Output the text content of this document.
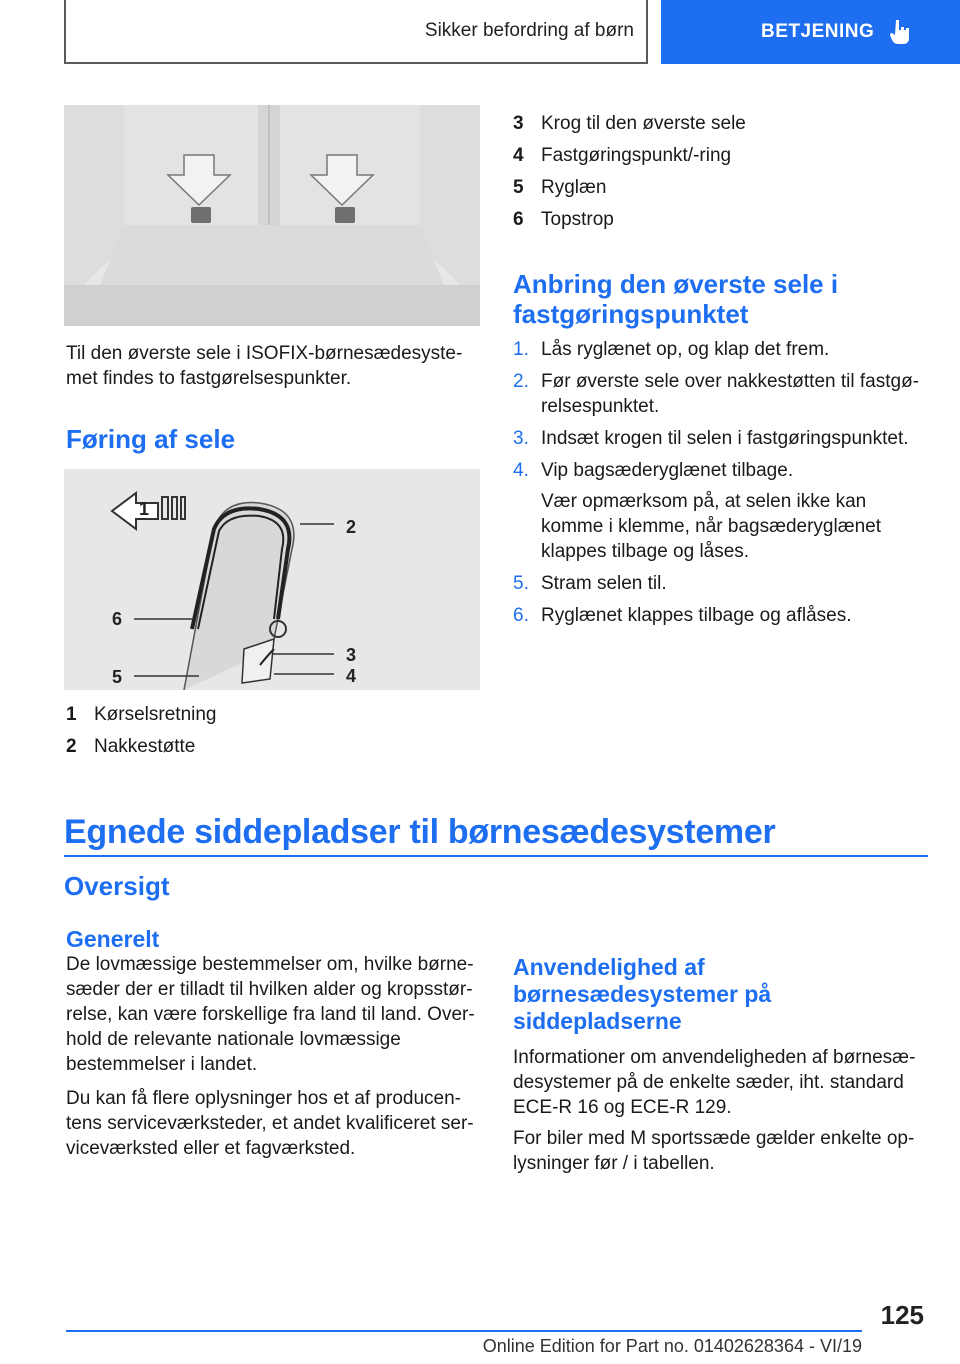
Sikker befordring af børn	BETJENING

Til den øverste sele i ISOFIX-børnesædesyste-met findes to fastgørelsespunkter.

Føring af sele
1
2
3
4
5
6
1 Kørselsretning
2 Nakkestøtte
3 Krog til den øverste sele
4 Fastgøringspunkt/-ring
5 Ryglæn
6 Topstrop
Anbring den øverste sele i
fastgøringspunktet
1. Lås ryglænet op, og klap det frem.
2. Før øverste sele over nakkestøtten til fastgø-relsespunktet.
3. Indsæt krogen til selen i fastgøringspunktet.
4. Vip bagsæderyglænet tilbage.
Vær opmærksom på, at selen ikke kan komme i klemme, når bagsæderyglænet klappes tilbage og låses.
5. Stram selen til.
6. Ryglænet klappes tilbage og aflåses.
Egnede siddepladser til børnesædesystemer
Oversigt
Generelt

De lovmæssige bestemmelser om, hvilke børne-sæder der er tilladt til hvilken alder og kropsstør-relse, kan være forskellige fra land til land. Over-hold de relevante nationale lovmæssige bestemmelser i landet.

Du kan få flere oplysninger hos et af producen-tens serviceværksteder, et andet kvalificeret ser-viceværksted eller et fagværksted.

Anvendelighed af
børnesædesystemer på
siddepladserne

Informationer om anvendeligheden af børnesæ-desystemer på de enkelte sæder, iht. standard ECE-R 16 og ECE-R 129.

For biler med M sportssæde gælder enkelte op-lysninger før / i tabellen.

125
Online Edition for Part no. 01402628364 - VI/19
